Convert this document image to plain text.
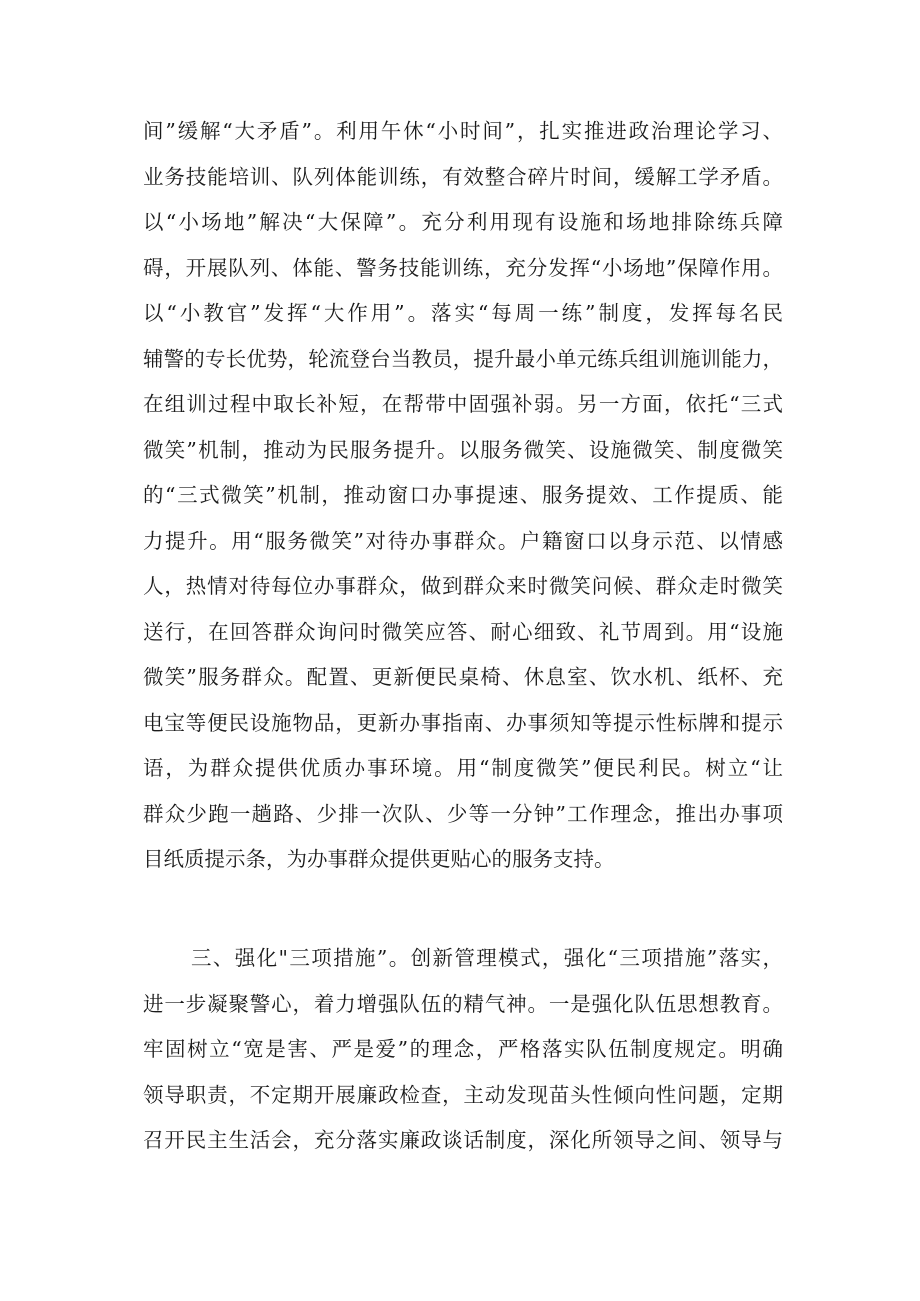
间”缓解“大矛盾”。利用午休“小时间”，扎实推进政治理论学习、
业务技能培训、队列体能训练，有效整合碎片时间，缓解工学矛盾。
以“小场地”解决“大保障”。充分利用现有设施和场地排除练兵障
碍，开展队列、体能、警务技能训练，充分发挥“小场地”保障作用。
以“小教官”发挥“大作用”。落实“每周一练”制度，发挥每名民
辅警的专长优势，轮流登台当教员，提升最小单元练兵组训施训能力，
在组训过程中取长补短，在帮带中固强补弱。另一方面，依托“三式
微笑”机制，推动为民服务提升。以服务微笑、设施微笑、制度微笑
的“三式微笑”机制，推动窗口办事提速、服务提效、工作提质、能
力提升。用“服务微笑”对待办事群众。户籍窗口以身示范、以情感
人，热情对待每位办事群众，做到群众来时微笑问候、群众走时微笑
送行，在回答群众询问时微笑应答、耐心细致、礼节周到。用“设施
微笑”服务群众。配置、更新便民桌椅、休息室、饮水机、纸杯、充
电宝等便民设施物品，更新办事指南、办事须知等提示性标牌和提示
语，为群众提供优质办事环境。用“制度微笑”便民利民。树立“让
群众少跑一趟路、少排一次队、少等一分钟”工作理念，推出办事项
目纸质提示条，为办事群众提供更贴心的服务支持。
三、强化"三项措施”。创新管理模式，强化“三项措施”落实，
进一步凝聚警心，着力增强队伍的精气神。一是强化队伍思想教育。
牢固树立“宽是害、严是爱”的理念，严格落实队伍制度规定。明确
领导职责，不定期开展廉政检查，主动发现苗头性倾向性问题，定期
召开民主生活会，充分落实廉政谈话制度，深化所领导之间、领导与
